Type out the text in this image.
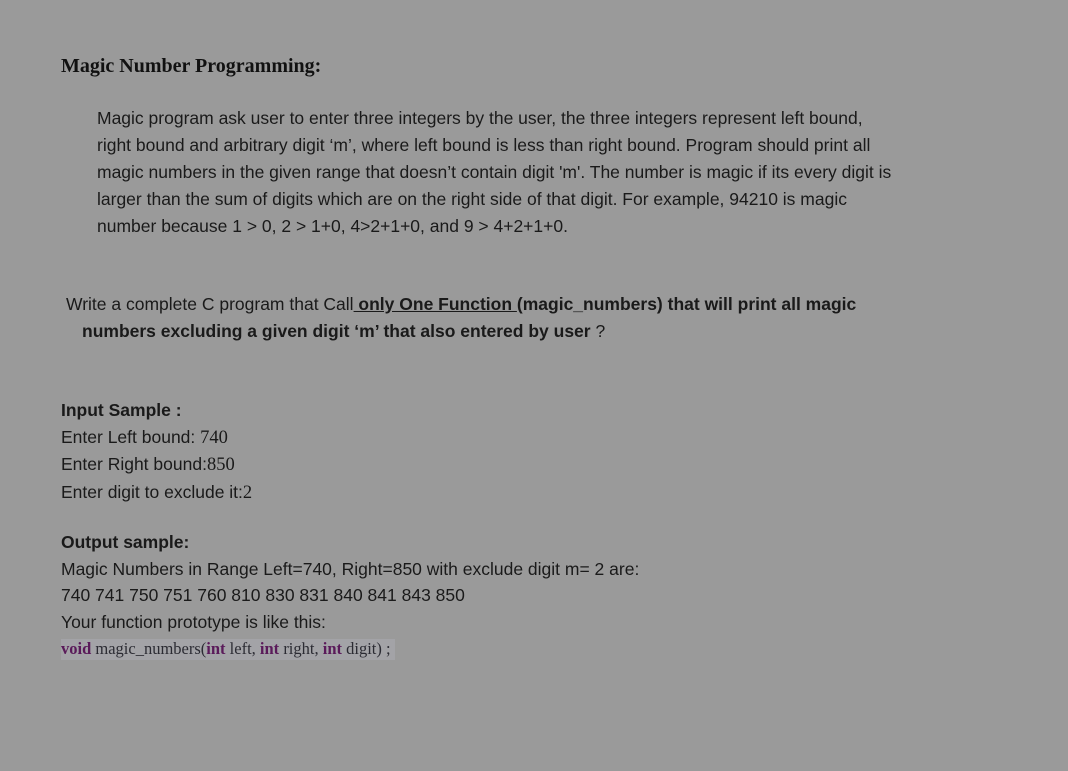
Magic Number Programming:

Magic program ask user to enter three integers by the user, the three integers represent left bound,

right bound and arbitrary digit ‘m’, where left bound is less than right bound. Program should print all

magic numbers in the given range that doesn’t contain digit 'm'. The number is magic if its every digit is

larger than the sum of digits which are on the right side of that digit. For example, 94210 is magic

number because 1 > 0, 2 > 1+0, 4>2+1+0, and 9 > 4+2+1+0.

Write a complete C program that Call only One Function (magic_numbers) that will print all magic

numbers excluding a given digit ‘m’ that also entered by user ?

Input Sample :

Enter Left bound: 740

Enter Right bound:850

Enter digit to exclude it:2

Output sample:

Magic Numbers in Range Left=740, Right=850 with exclude digit m= 2 are:

740 741 750 751 760 810 830 831 840 841 843 850

Your function prototype is like this:

void magic_numbers(int left, int right, int digit) ;
